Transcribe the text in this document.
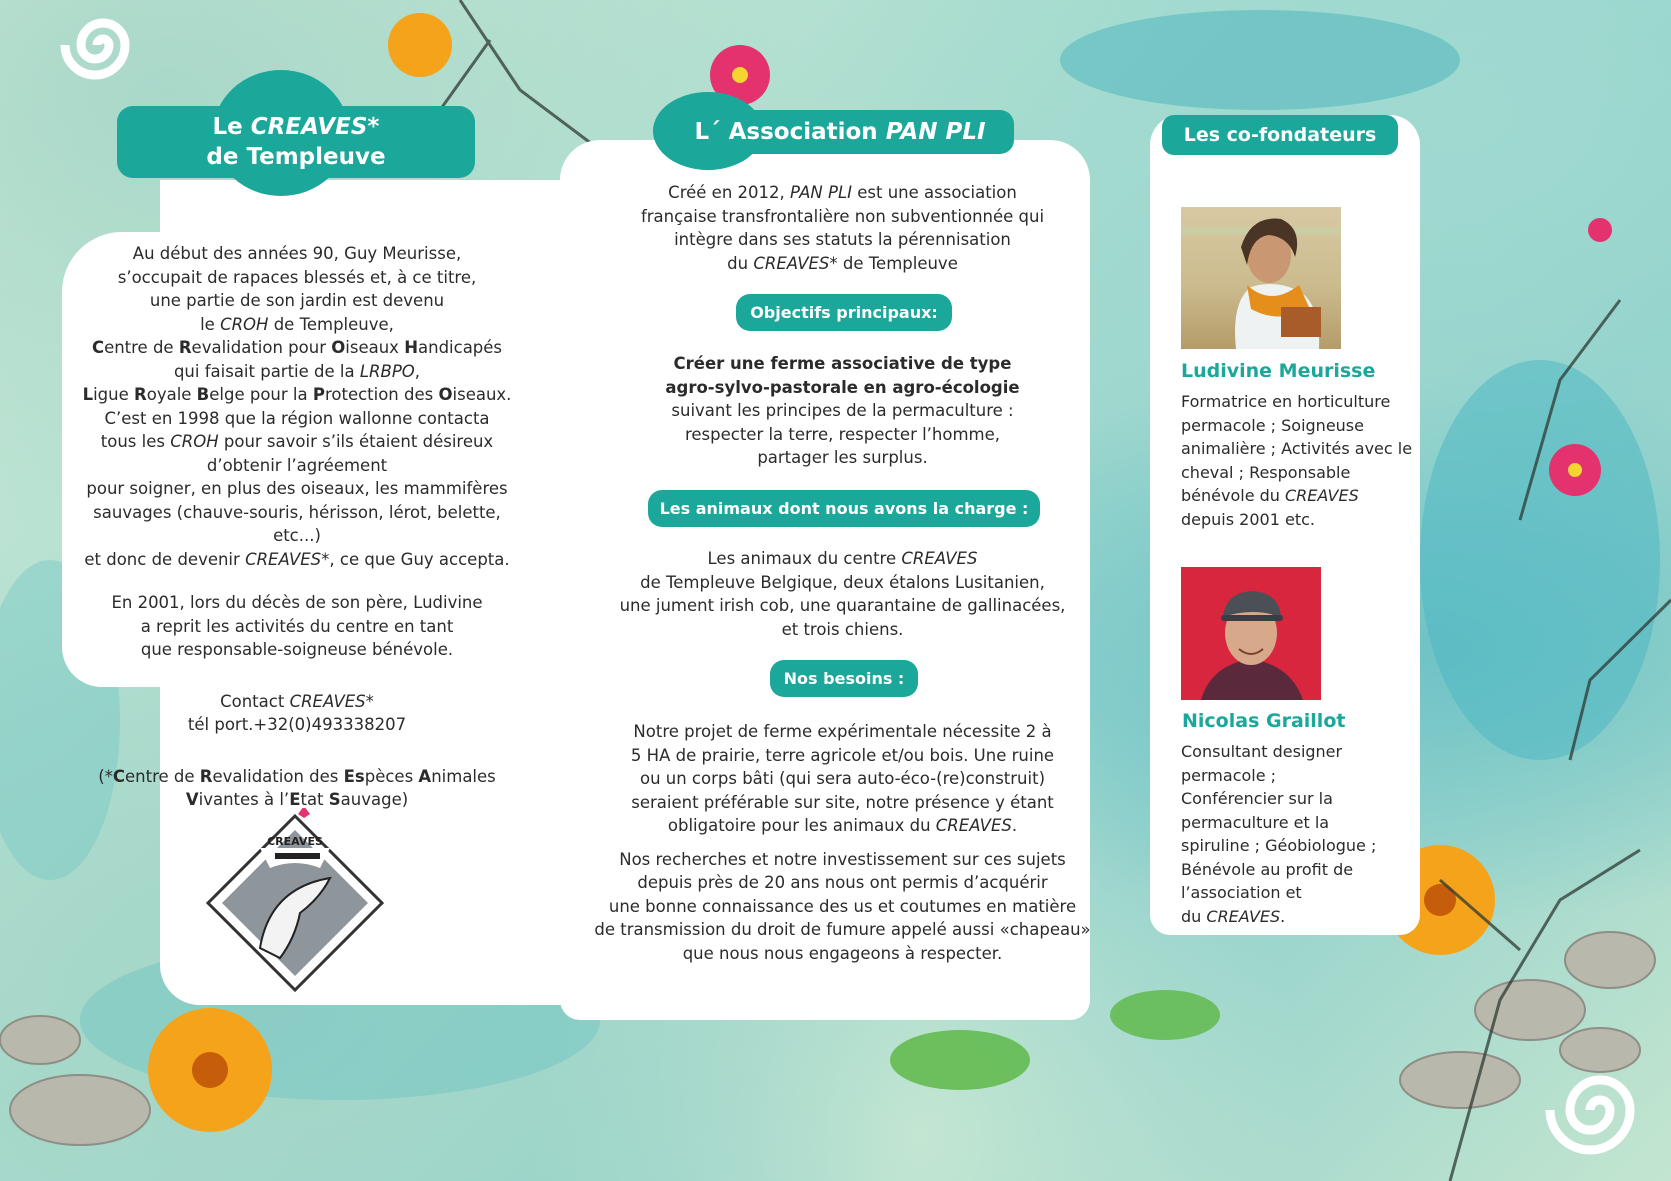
Le CREAVES*
de Templeuve

Au début des années 90, Guy Meurisse,

s’occupait de rapaces blessés et, à ce titre,

une partie de son jardin est devenu

le CROH de Templeuve,

Centre de Revalidation pour Oiseaux Handicapés

qui faisait partie de la LRBPO,

Ligue Royale Belge pour la Protection des Oiseaux.

C’est en 1998 que la région wallonne contacta

tous les CROH pour savoir s’ils étaient désireux

d’obtenir l’agréement

pour soigner, en plus des oiseaux, les mammifères

sauvages (chauve-souris, hérisson, lérot, belette, etc...)

et donc de devenir CREAVES*, ce que Guy accepta.

En 2001, lors du décès de son père, Ludivine

a reprit les activités du centre en tant

que responsable-soigneuse bénévole.

Contact CREAVES*

tél port.+32(0)493338207

(*Centre de Revalidation des Espèces Animales

Vivantes à l’Etat Sauvage)

CREAVES
L´ Association PAN PLI

Créé en 2012, PAN PLI est une association

française transfrontalière non subventionnée qui

intègre dans ses statuts la pérennisation

du CREAVES* de Templeuve

Objectifs principaux:

Créer une ferme associative de type

agro-sylvo-pastorale en agro-écologie

suivant les principes de la permaculture :

respecter la terre, respecter l’homme,

partager les surplus.

Les animaux dont nous avons la charge :

Les animaux du centre CREAVES

de Templeuve Belgique, deux étalons Lusitanien,

une jument irish cob, une quarantaine de gallinacées,

et trois chiens.

Nos besoins :

Notre projet de ferme expérimentale nécessite 2 à

5 HA de prairie, terre agricole et/ou bois. Une ruine

ou un corps bâti (qui sera auto-éco-(re)construit)

seraient préférable sur site, notre présence y étant

obligatoire pour les animaux du CREAVES.

Nos recherches et notre investissement sur ces sujets

depuis près de 20 ans nous ont permis d’acquérir

une bonne connaissance des us et coutumes en matière

de transmission du droit de fumure appelé aussi «chapeau»

que nous nous engageons à respecter.

Les co-fondateurs
Ludivine Meurisse
Formatrice en horticulture
permacole ; Soigneuse
animalière ; Activités avec le
cheval ; Responsable
bénévole du CREAVES
depuis 2001 etc.
Nicolas Graillot
Consultant designer
permacole ;
Conférencier sur la
permaculture et la
spiruline ; Géobiologue ;
Bénévole au profit de
l’association et
du CREAVES.
